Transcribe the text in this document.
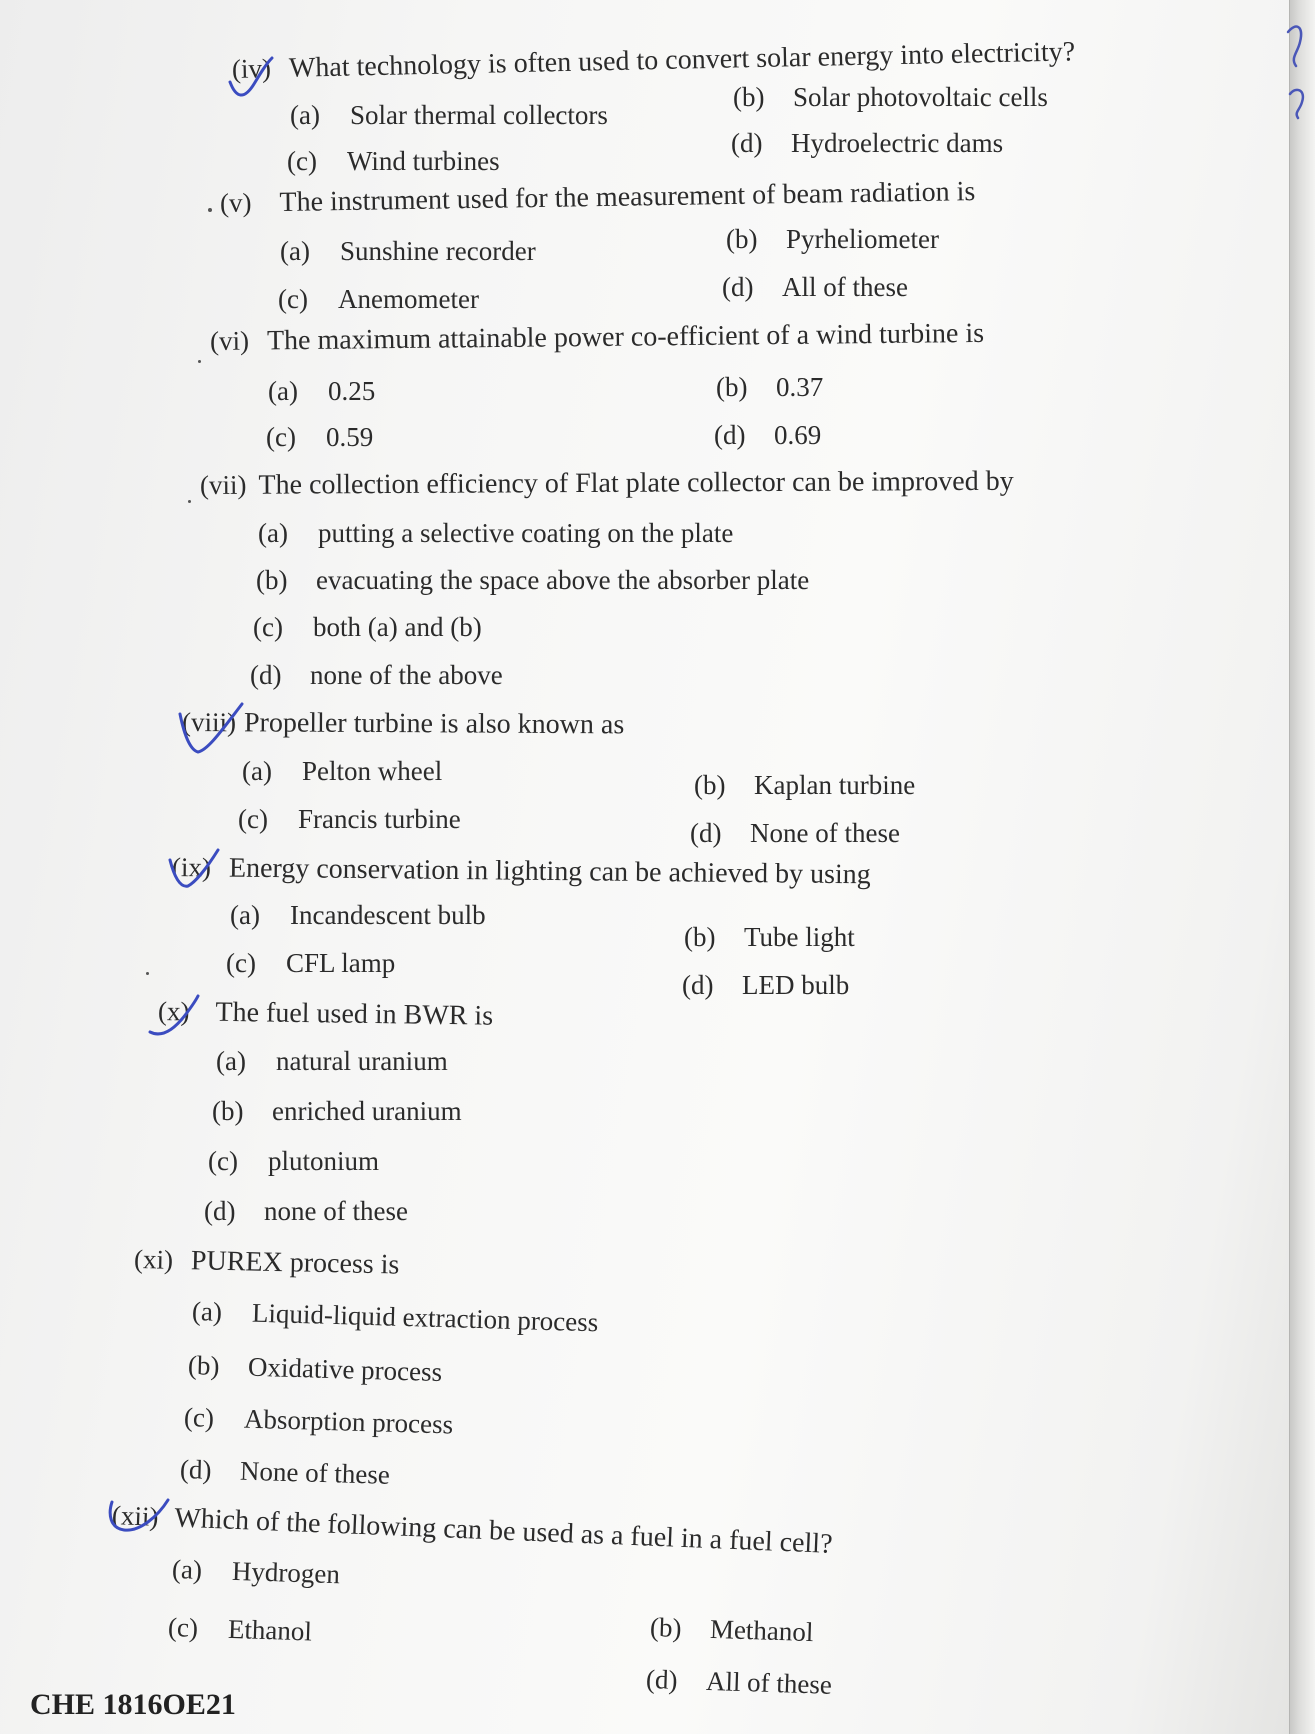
(iv) What technology is often used to convert solar energy into electricity?
(a) Solar thermal collectors
(b) Solar photovoltaic cells
(c) Wind turbines
(d) Hydroelectric dams
(v) The instrument used for the measurement of beam radiation is
(a) Sunshine recorder	(b) Pyrheliometer
(c) Anemometer	(d) All of these
(vi) The maximum attainable power co-efficient of a wind turbine is
(a) 0.25	(b) 0.37
(c) 0.59	(d) 0.69
(vii) The collection efficiency of Flat plate collector can be improved by
(a) putting a selective coating on the plate
(b) evacuating the space above the absorber plate
(c) both (a) and (b)
(d) none of the above
(viii) Propeller turbine is also known as
(a) Pelton wheel	(b) Kaplan turbine
(c) Francis turbine	(d) None of these
(ix) Energy conservation in lighting can be achieved by using
(a) Incandescent bulb
(b) Tube light
(c) CFL lamp
(d) LED bulb
(x) The fuel used in BWR is
(a) natural uranium
(b) enriched uranium
(c) plutonium
(d) none of these
(xi) PUREX process is
(a) Liquid-liquid extraction process
(b) Oxidative process
(c) Absorption process
(d) None of these
(xii) Which of the following can be used as a fuel in a fuel cell?
(a) Hydrogen
(b) Methanol
(c) Ethanol
(d) All of these
CHE 1816OE21
